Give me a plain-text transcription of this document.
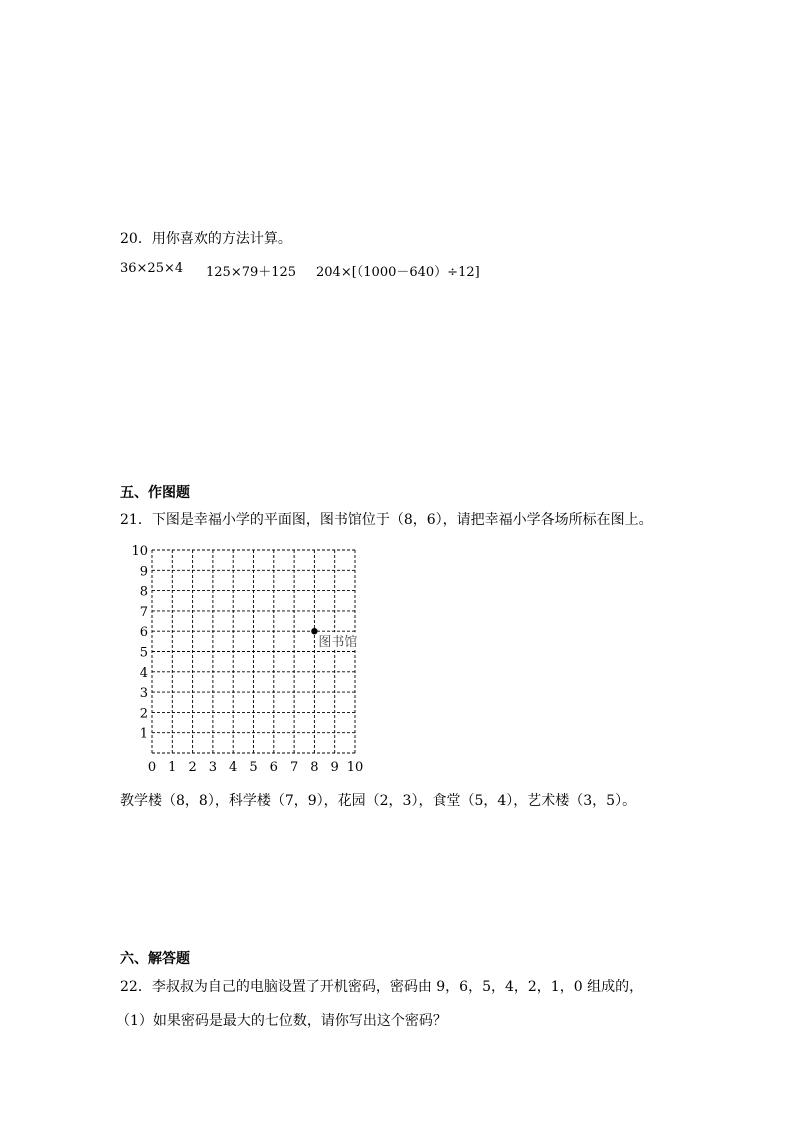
20．用你喜欢的方法计算。
36×25×4 125×79＋125 204×[（1000－640）÷12]
五、作图题
21．下图是幸福小学的平面图，图书馆位于（8，6），请把幸福小学各场所标在图上。
0 1 2 3 4 5 6 7 8 9 10
1
2
3
4
5
6
7
8
9
10
图书馆
教学楼（8，8），科学楼（7，9），花园（2，3），食堂（5，4），艺术楼（3，5）。
六、解答题
22．李叔叔为自己的电脑设置了开机密码，密码由 9，6，5，4，2，1，0 组成的，
（1）如果密码是最大的七位数，请你写出这个密码？
